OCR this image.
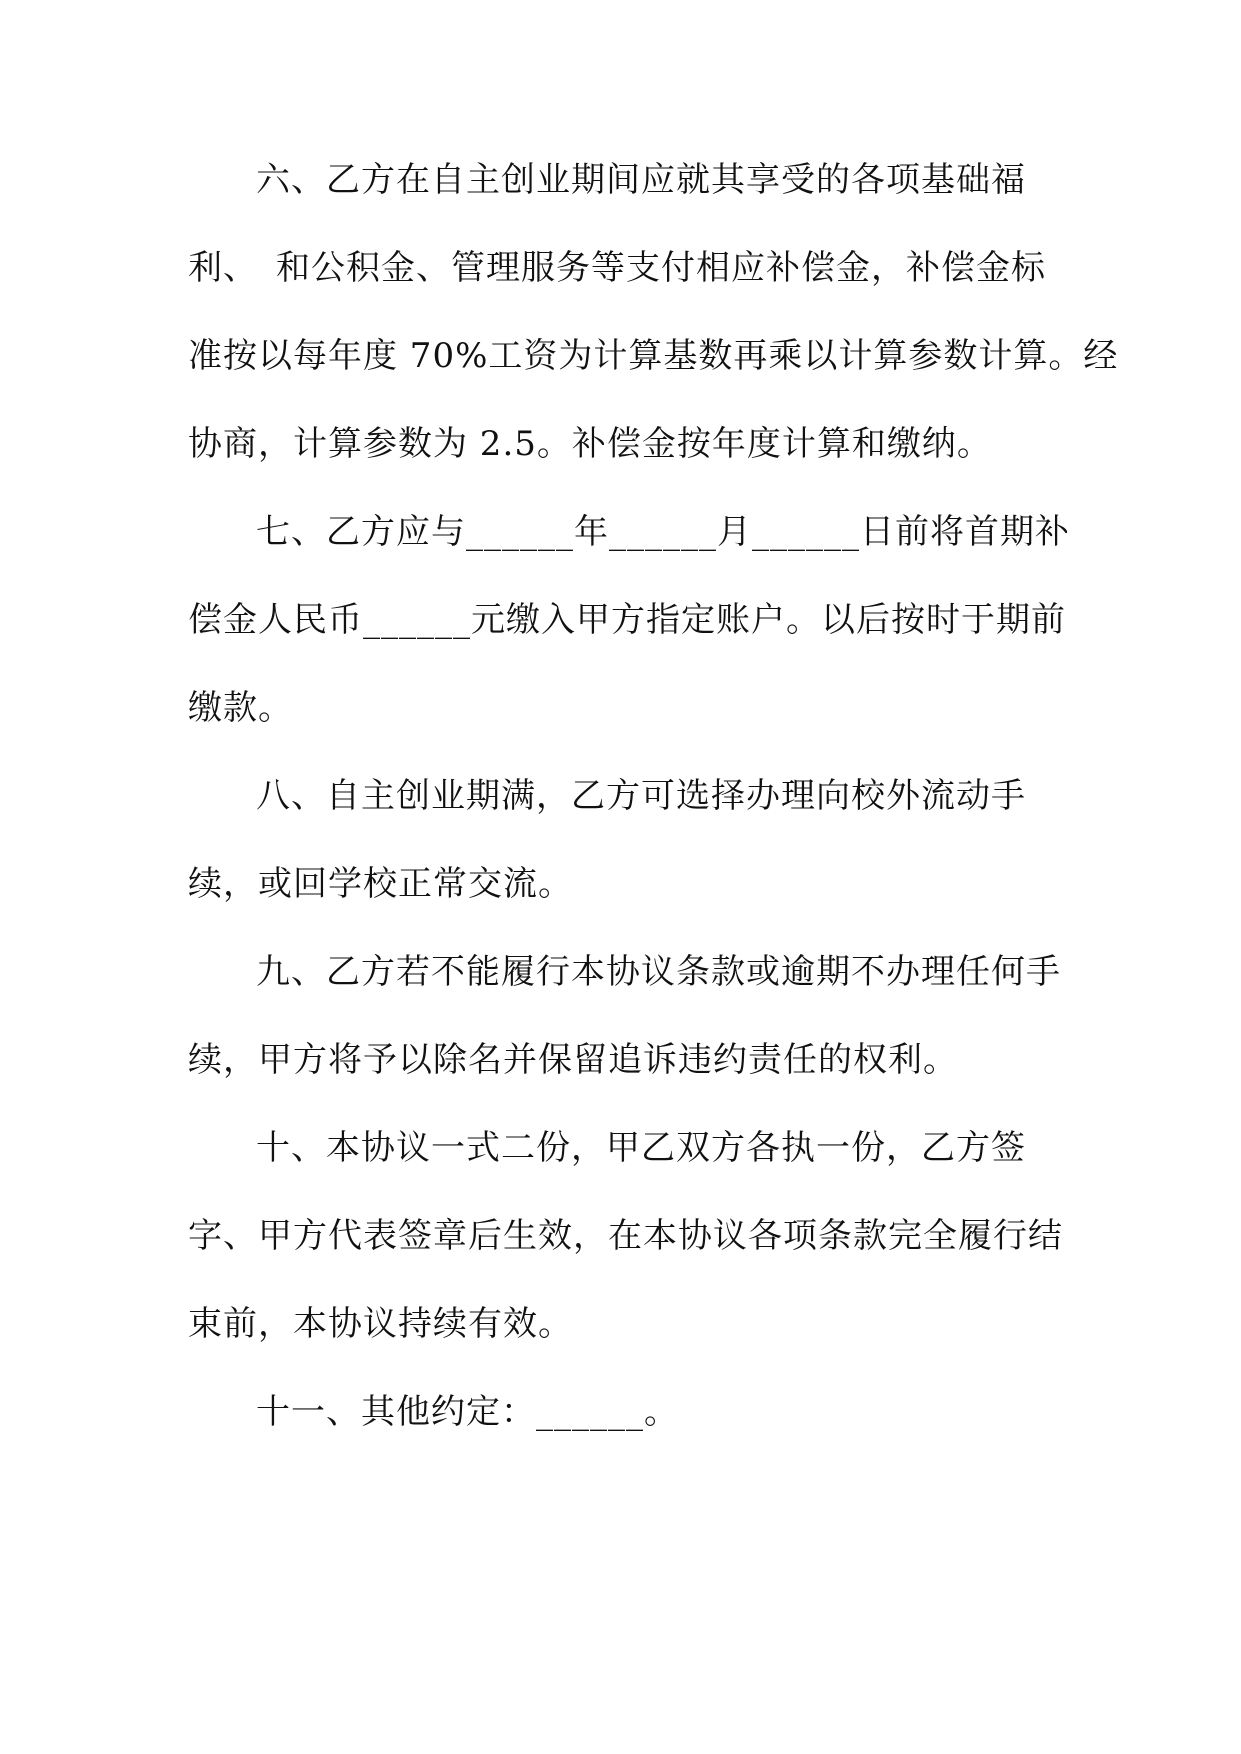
六、乙方在自主创业期间应就其享受的各项基础福
利、　和公积金、管理服务等支付相应补偿金，补偿金标
准按以每年度 70%工资为计算基数再乘以计算参数计算。经
协商，计算参数为 2.5。补偿金按年度计算和缴纳。
七、乙方应与______年______月______日前将首期补
偿金人民币______元缴入甲方指定账户。以后按时于期前
缴款。
八、自主创业期满，乙方可选择办理向校外流动手
续，或回学校正常交流。
九、乙方若不能履行本协议条款或逾期不办理任何手
续，甲方将予以除名并保留追诉违约责任的权利。
十、本协议一式二份，甲乙双方各执一份，乙方签
字、甲方代表签章后生效，在本协议各项条款完全履行结
束前，本协议持续有效。
十一、其他约定：______。
